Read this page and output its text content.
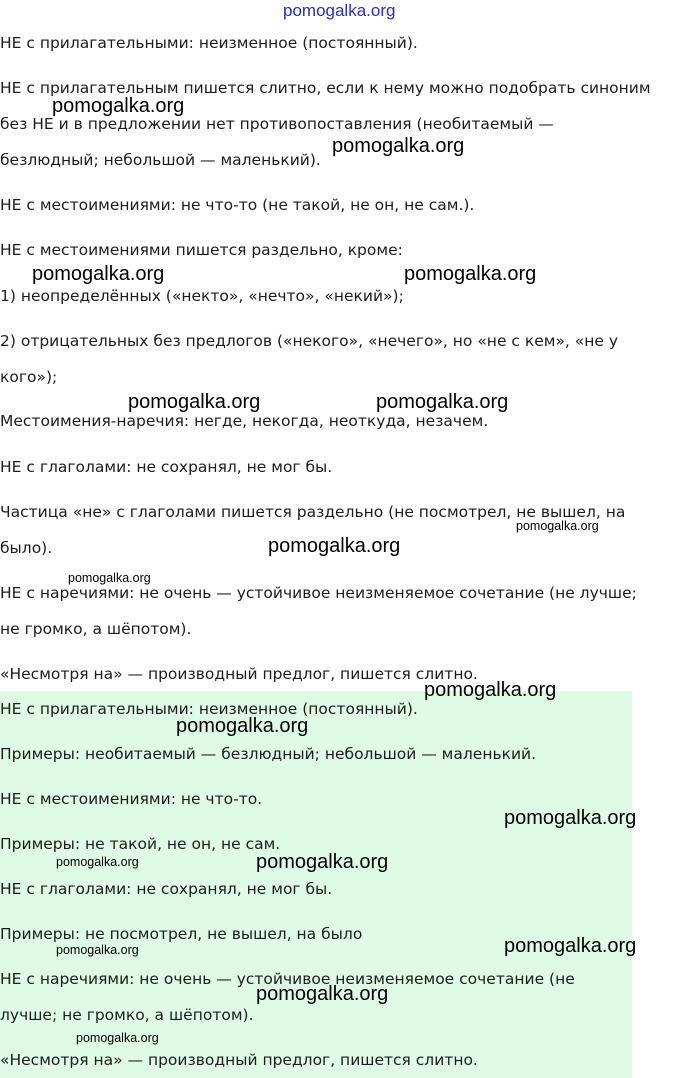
НЕ с прилагательными: неизменное (постоянный).
НЕ с прилагательным пишется слитно, если к нему можно подобрать синоним
без НЕ и в предложении нет противопоставления (необитаемый —
безлюдный; небольшой — маленький).
НЕ с местоимениями: не что-то (не такой, не он, не сам.).
НЕ с местоимениями пишется раздельно, кроме:
1) неопределённых («некто», «нечто», «некий»);
2) отрицательных без предлогов («некого», «нечего», но «не с кем», «не у
кого»);
Местоимения-наречия: негде, некогда, неоткуда, незачем.
НЕ с глаголами: не сохранял, не мог бы.
Частица «не» с глаголами пишется раздельно (не посмотрел, не вышел, на
было).
НЕ с наречиями: не очень — устойчивое неизменяемое сочетание (не лучше;
не громко, а шёпотом).
«Несмотря на» — производный предлог, пишется слитно.
НЕ с прилагательными: неизменное (постоянный).
Примеры: необитаемый — безлюдный; небольшой — маленький.
НЕ с местоимениями: не что-то.
Примеры: не такой, не он, не сам.
НЕ с глаголами: не сохранял, не мог бы.
Примеры: не посмотрел, не вышел, на было
НЕ с наречиями: не очень — устойчивое неизменяемое сочетание (не
лучше; не громко, а шёпотом).
«Несмотря на» — производный предлог, пишется слитно.
pomogalka.org
pomogalka.org
pomogalka.org
pomogalka.org	pomogalka.org
pomogalka.org	pomogalka.org
pomogalka.org
pomogalka.org
pomogalka.org
pomogalka.org
pomogalka.org
pomogalka.org
pomogalka.org	pomogalka.org
pomogalka.org	pomogalka.org
pomogalka.org
pomogalka.org
